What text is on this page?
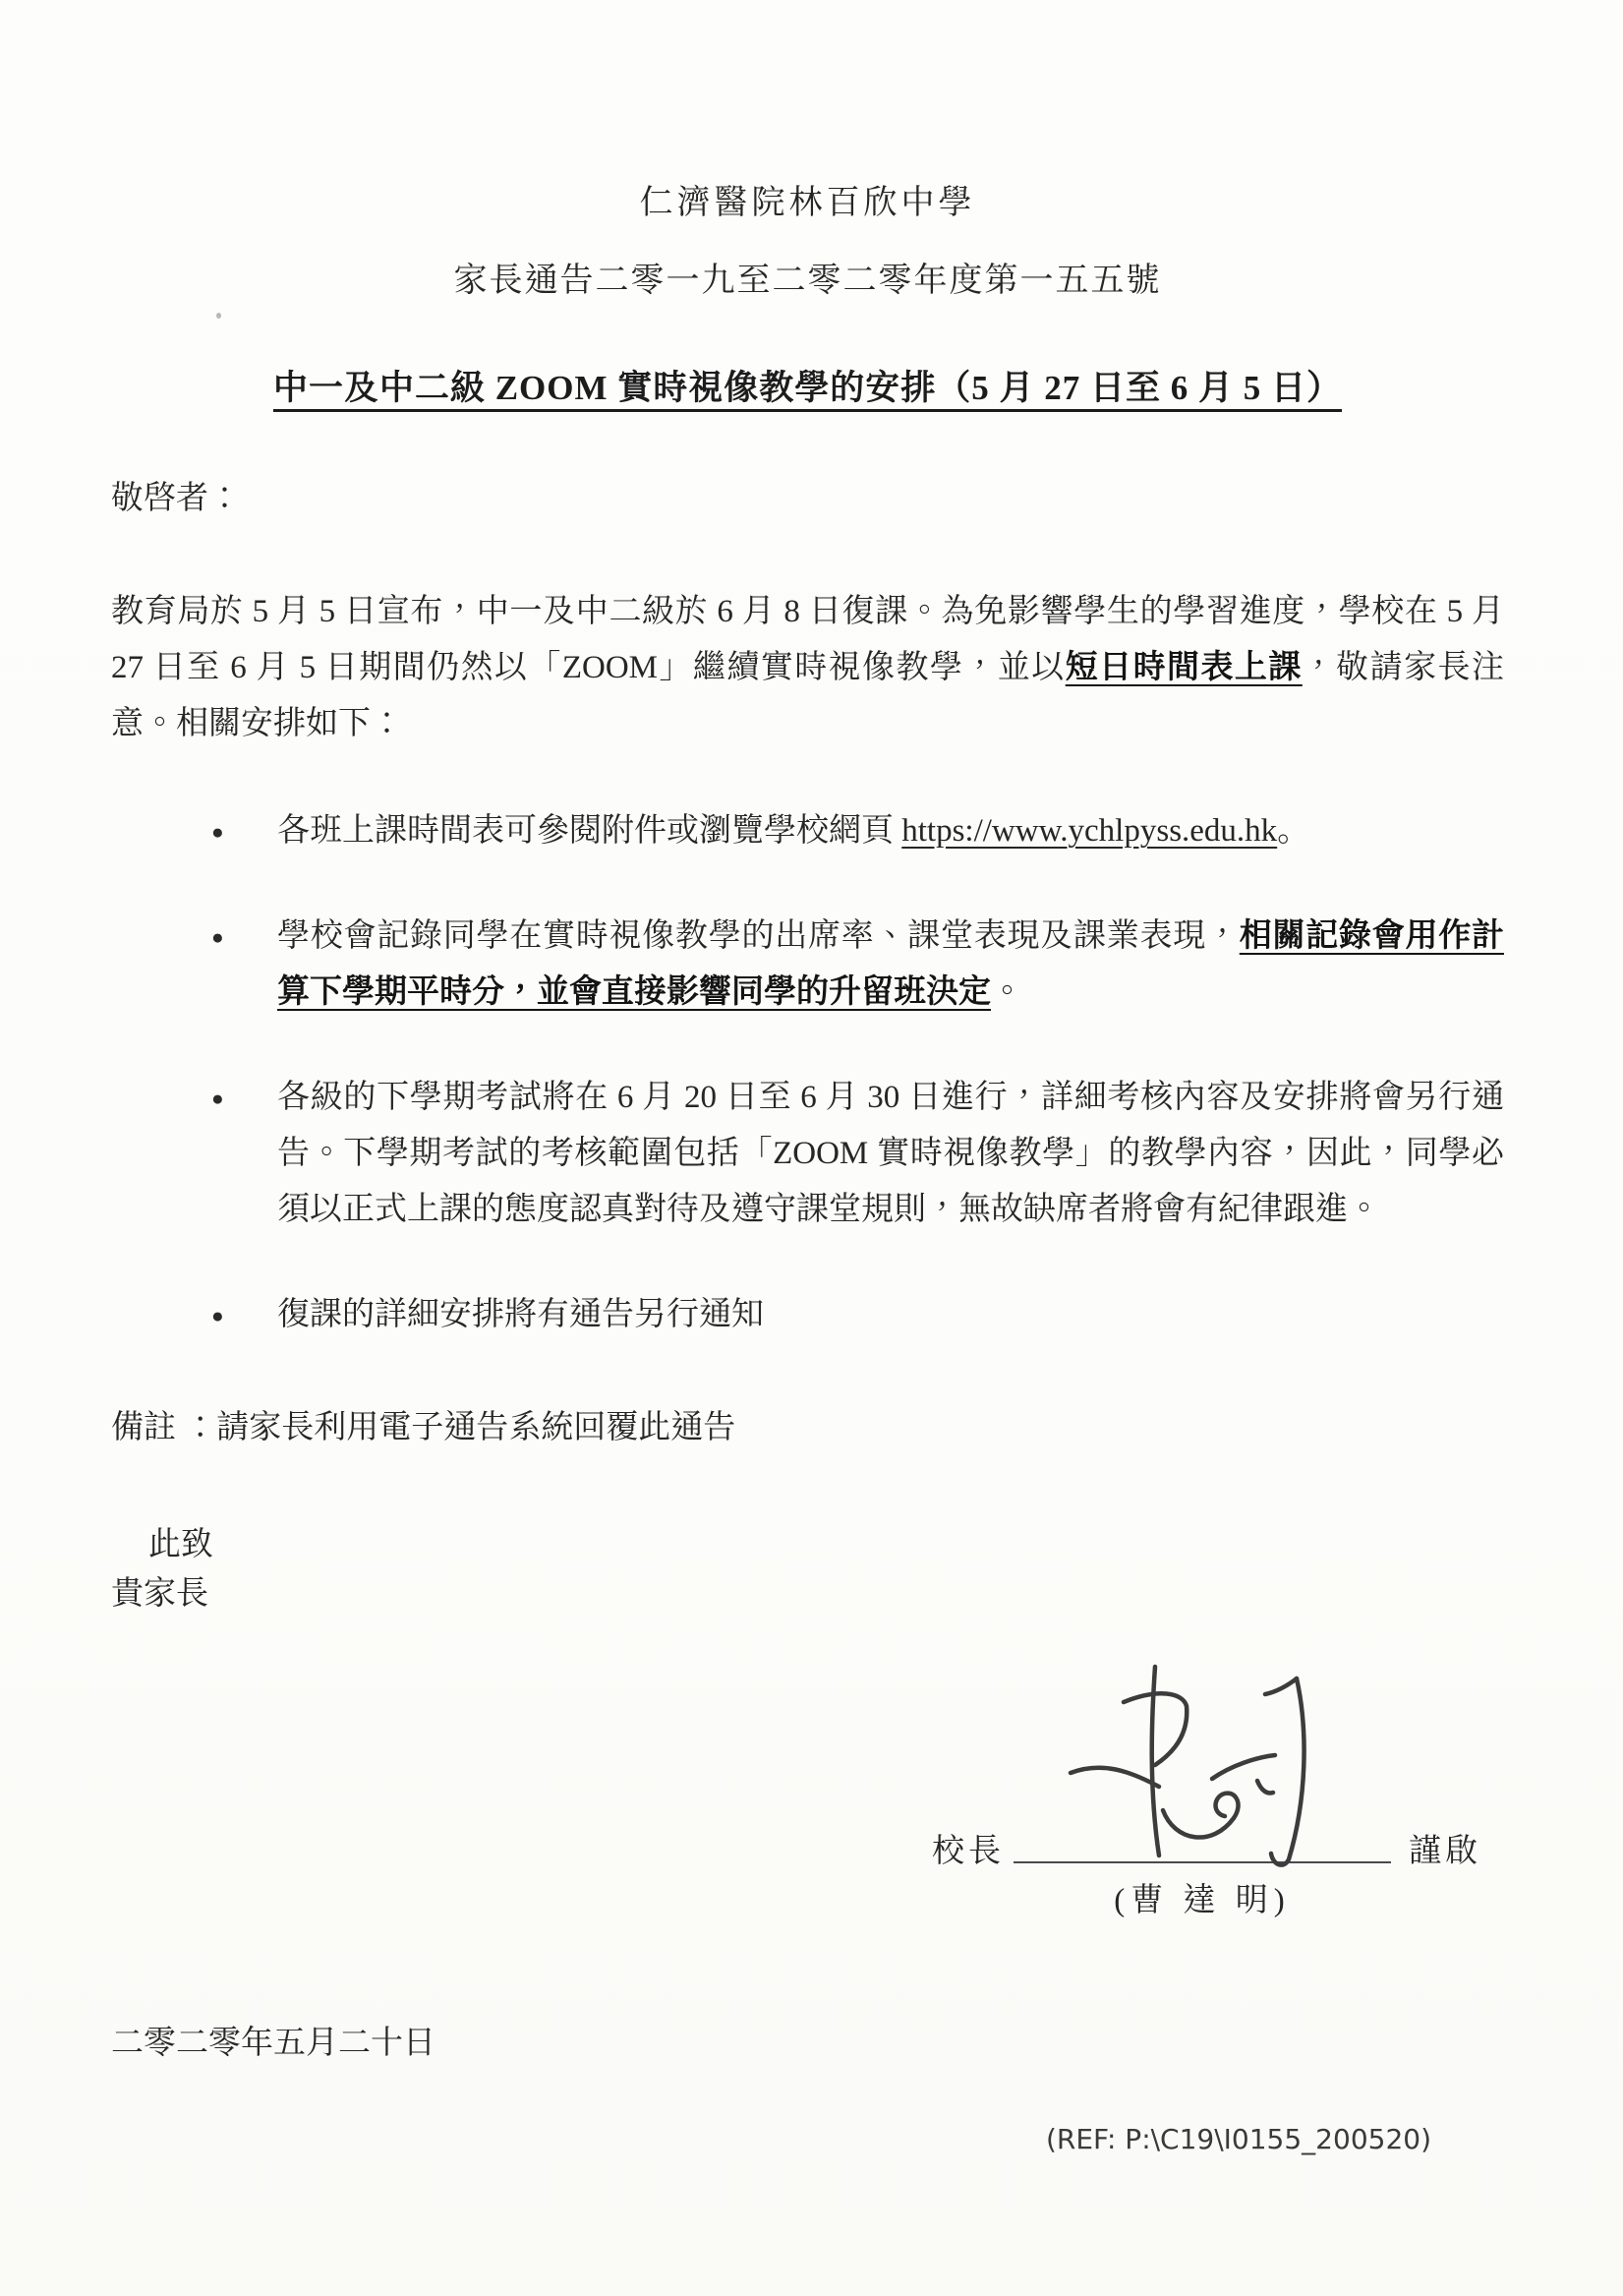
仁濟醫院林百欣中學
家長通告二零一九至二零二零年度第一五五號
中一及中二級 ZOOM 實時視像教學的安排（5 月 27 日至 6 月 5 日）
敬啓者：

教育局於 5 月 5 日宣布，中一及中二級於 6 月 8 日復課。為免影響學生的學習進度，學校在 5 月 27 日至 6 月 5 日期間仍然以「ZOOM」繼續實時視像教學，並以短日時間表上課，敬請家長注意。相關安排如下：

● 各班上課時間表可參閱附件或瀏覽學校網頁 https://www.ychlpyss.edu.hk。
● 學校會記錄同學在實時視像教學的出席率、課堂表現及課業表現，相關記錄會用作計算下學期平時分，並會直接影響同學的升留班決定。
● 各級的下學期考試將在 6 月 20 日至 6 月 30 日進行，詳細考核內容及安排將會另行通告。下學期考試的考核範圍包括「ZOOM 實時視像教學」的教學內容，因此，同學必須以正式上課的態度認真對待及遵守課堂規則，無故缺席者將會有紀律跟進。
● 復課的詳細安排將有通告另行通知
備註 ：請家長利用電子通告系統回覆此通告
此致
貴家長
校長	謹啟
(曹 達 明)
二零二零年五月二十日
(REF: P:\C19\I0155_200520)
